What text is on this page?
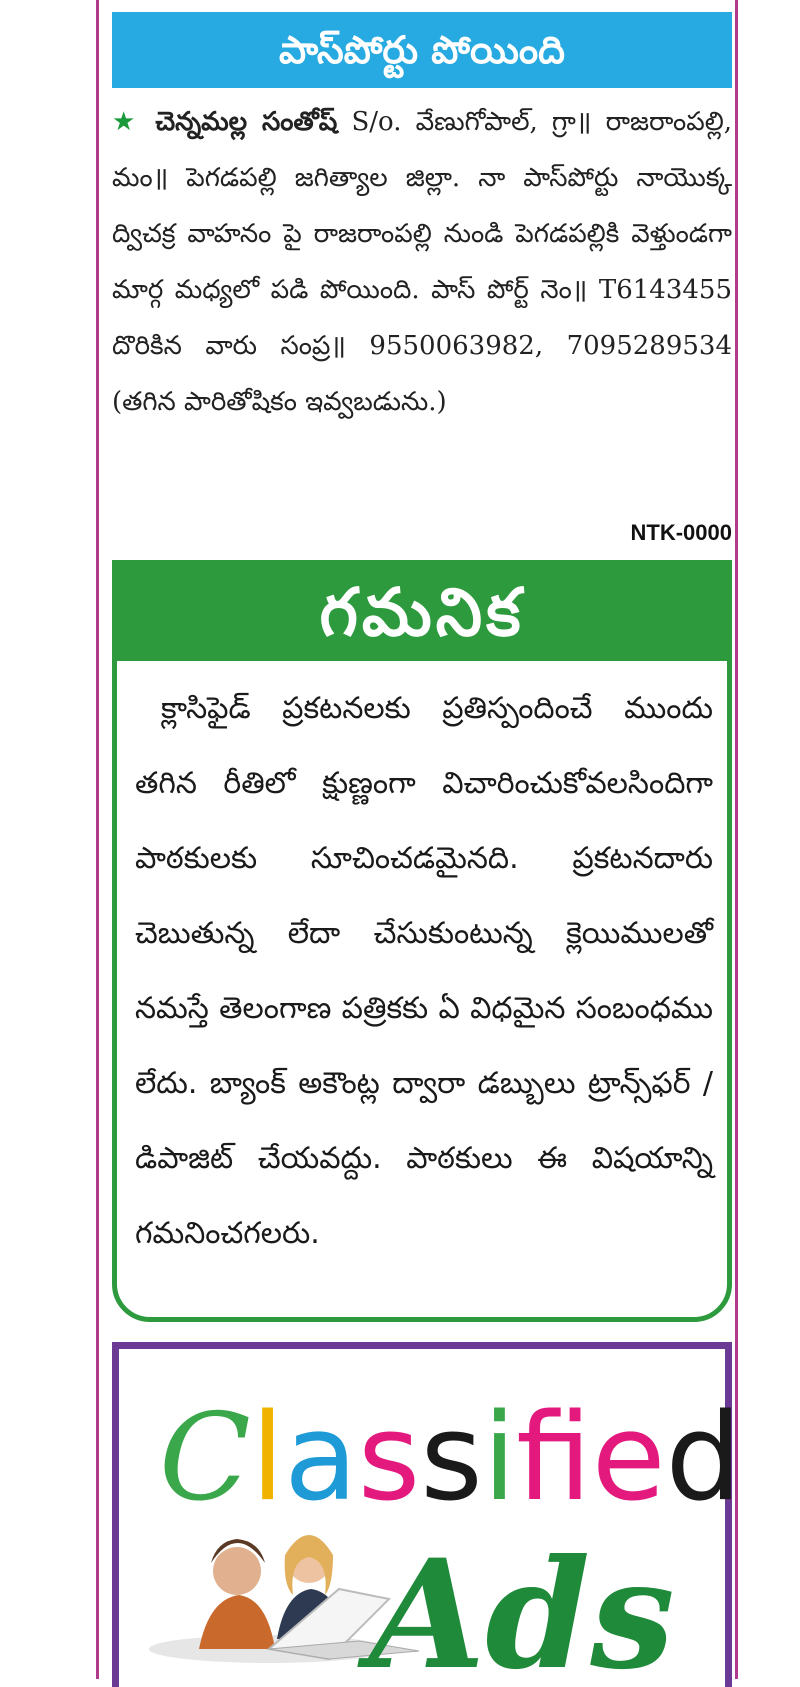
పాస్‌పోర్టు పోయింది
★ చెన్నమల్ల సంతోష్ S/o. వేణుగోపాల్, గ్రా॥ రాజరాంపల్లి, మం॥ పెగడపల్లి జగిత్యాల జిల్లా. నా పాస్‌పోర్టు నాయొక్క ద్విచక్ర వాహనం పై రాజరాంపల్లి నుండి పెగడపల్లికి వెళ్తుండగా మార్గ మధ్యలో పడి పోయింది. పాస్ పోర్ట్ నెం॥ T6143455 దొరికిన వారు సంప్ర॥ 9550063982, 7095289534 (తగిన పారితోషికం ఇవ్వబడును.)
NTK-0000
గమనిక
క్లాసిఫైడ్ ప్రకటనలకు ప్రతిస్పందించే ముందు తగిన రీతిలో క్షుణ్ణంగా విచారించుకోవలసిందిగా పాఠకులకు సూచించడమైనది. ప్రకటనదారు చెబుతున్న లేదా చేసుకుంటున్న క్లెయిములతో నమస్తే తెలంగాణ పత్రికకు ఏ విధమైన సంబంధము లేదు. బ్యాంక్ అకౌంట్ల ద్వారా డబ్బులు ట్రాన్స్‌ఫర్ / డిపాజిట్ చేయవద్దు. పాఠకులు ఈ విషయాన్ని గమనించగలరు.
Classifed
Ads
